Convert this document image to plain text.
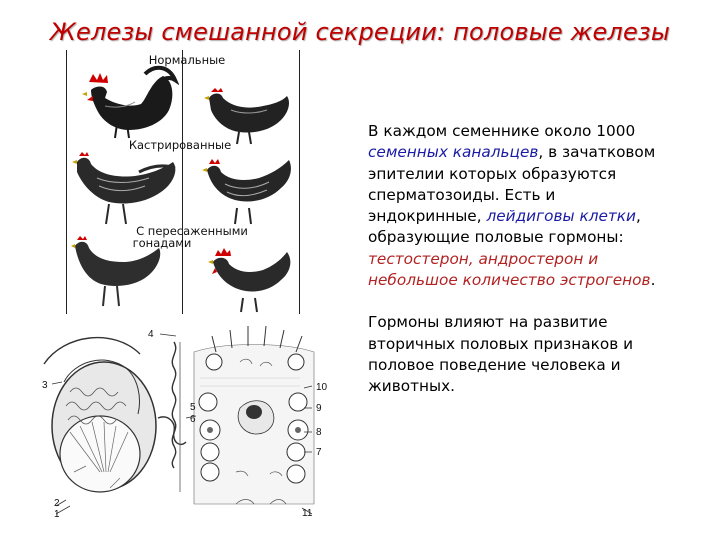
Железы смешанной секреции: половые железы
Нормальные
Кастрированные
С пересаженными
гонадами

В каждом семеннике около 1000 семенных канальцев, в зачатковом эпителии которых образуются сперматозоиды. Есть и эндокринные, лейдиговы клетки, образующие половые гормоны: тестостерон, андростерон и небольшое количество эстрогенов.

Гормоны влияют на развитие вторичных половых признаков и половое поведение человека и животных.

4
3
2
1
5
10
9
8
7
6
11
